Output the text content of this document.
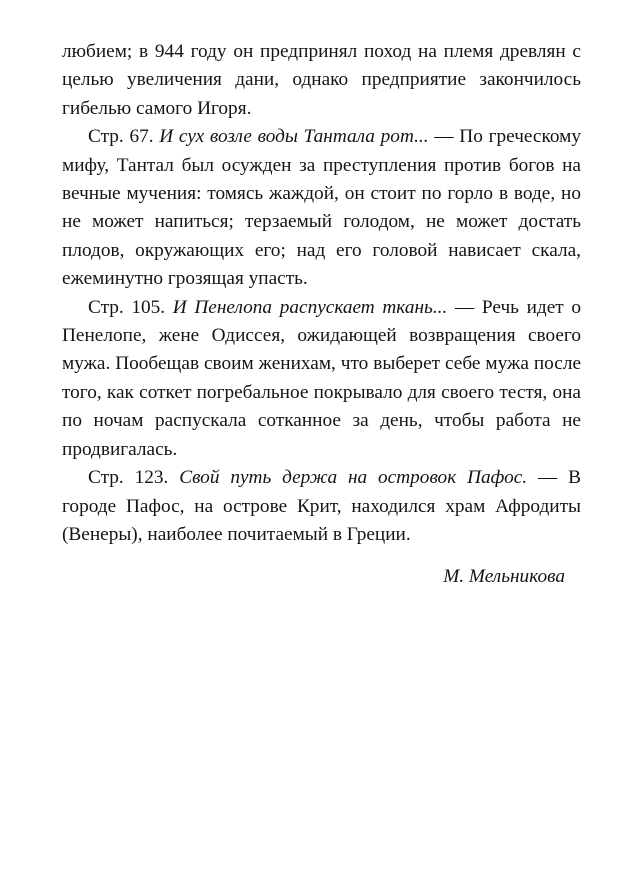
любием; в 944 году он предпринял поход на племя древлян с целью увеличения дани, однако предприятие закончилось гибелью самого Игоря.

Стр. 67. И сух возле воды Тантала рот... — По греческому мифу, Тантал был осужден за преступления против богов на вечные мучения: томясь жаждой, он стоит по горло в воде, но не может напиться; терзаемый голодом, не может достать плодов, окружающих его; над его головой нависает скала, ежеминутно грозящая упасть.

Стр. 105. И Пенелопа распускает ткань... — Речь идет о Пенелопе, жене Одиссея, ожидающей возвращения своего мужа. Пообещав своим женихам, что выберет себе мужа после того, как соткет погребальное покрывало для своего тестя, она по ночам распускала сотканное за день, чтобы работа не продвигалась.

Стр. 123. Свой путь держа на островок Пафос. — В городе Пафос, на острове Крит, находился храм Афродиты (Венеры), наиболее почитаемый в Греции.

М. Мельникова
